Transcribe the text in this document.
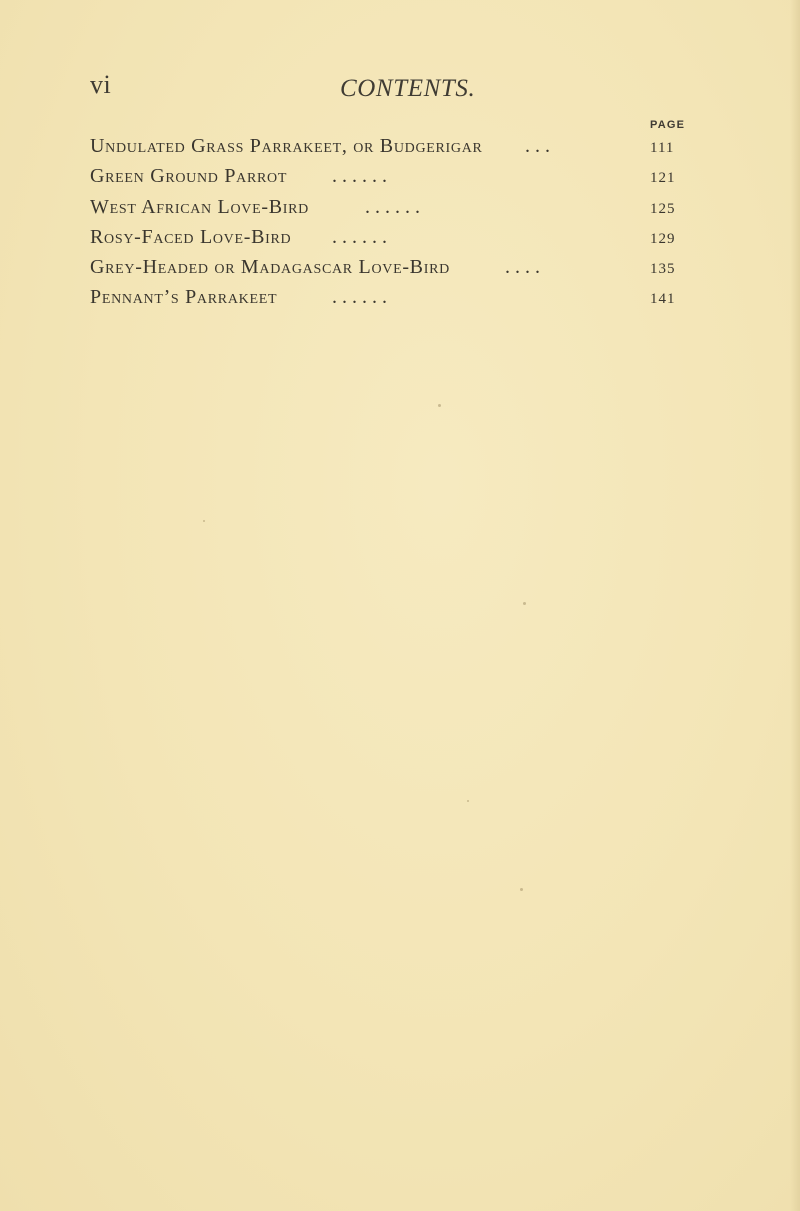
vi	CONTENTS.
PAGE
Undulated Grass Parrakeet, or Budgerigar . . .	111
Green Ground Parrot . . . . . .	121
West African Love-Bird	. . . . . .	125
Rosy-Faced Love-Bird . . . . . .	129
Grey-Headed or Madagascar Love-Bird	. . . .	135
Pennant’s Parrakeet	. . . . . .	141
